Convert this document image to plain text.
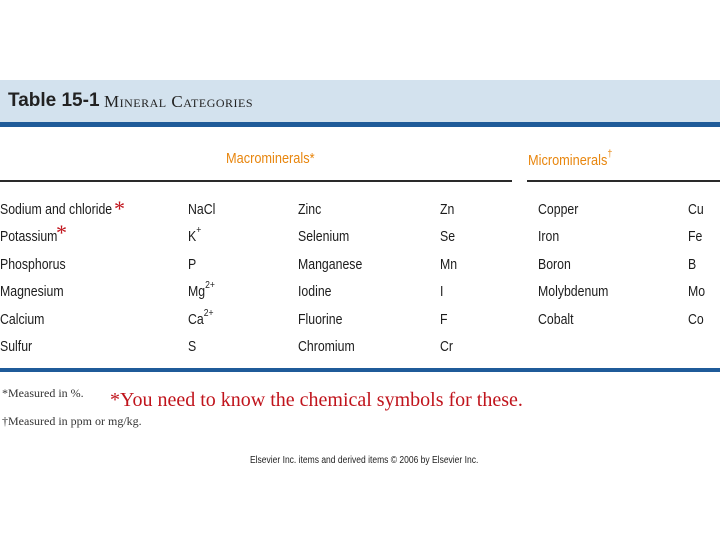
Table 15-1 Mineral Categories
Macrominerals*	Microminerals†
Sodium and chloride	NaCl	Zinc	Zn	Copper	Cu
Potassium	K+	Selenium	Se	Iron	Fe
Phosphorus	P	Manganese	Mn	Boron	B
Magnesium	$Mg^{2+}$	Iodine	I	Molybdenum	Mo
Calcium	$Ca^{2+}$	Fluorine	F	Cobalt	Co
Sulfur	S	Chromium	Cr
*Measured in %.
†Measured in ppm or mg/kg.
*You need to know the chemical symbols for these.
*
*
Elsevier Inc. items and derived items © 2006 by Elsevier Inc.
